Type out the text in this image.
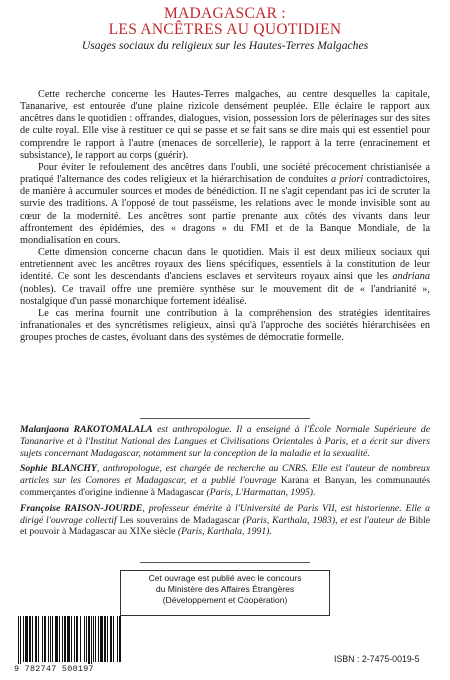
MADAGASCAR :
LES ANCÊTRES AU QUOTIDIEN

Usages sociaux du religieux sur les Hautes-Terres Malgaches

Cette recherche concerne les Hautes-Terres malgaches, au centre desquelles la capitale, Tananarive, est entourée d'une plaine rizicole densément peuplée. Elle éclaire le rapport aux ancêtres dans le quotidien : offrandes, dialogues, vision, possession lors de pèlerinages sur des sites de culte royal. Elle vise à restituer ce qui se passe et se fait sans se dire mais qui est essentiel pour comprendre le rapport à l'autre (menaces de sorcellerie), le rapport à la terre (enracinement et subsistance), le rapport au corps (guérir).

Pour éviter le refoulement des ancêtres dans l'oubli, une société précocement christianisée a pratiqué l'alternance des codes religieux et la hiérarchisation de conduites a priori contradictoires, de manière à accumuler sources et modes de bénédiction. Il ne s'agit cependant pas ici de scruter la survie des traditions. A l'opposé de tout passéisme, les relations avec le monde invisible sont au cœur de la modernité. Les ancêtres sont partie prenante aux côtés des vivants dans leur affrontement des épidémies, des « dragons » du FMI et de la Banque Mondiale, de la mondialisation en cours.

Cette dimension concerne chacun dans le quotidien. Mais il est deux milieux sociaux qui entretiennent avec les ancêtres royaux des liens spécifiques, essentiels à la constitution de leur identité. Ce sont les descendants d'anciens esclaves et serviteurs royaux ainsi que les andriana (nobles). Ce travail offre une première synthèse sur le mouvement dit de « l'andrianité », nostalgique d'un passé monarchique fortement idéalisé.

Le cas merina fournit une contribution à la compréhension des stratégies identitaires infranationales et des syncrétismes religieux, ainsi qu'à l'approche des sociétés hiérarchisées en groupes proches de castes, évoluant dans des systèmes de démocratie formelle.

Malanjaona RAKOTOMALALA est anthropologue. Il a enseigné à l'École Normale Supérieure de Tananarive et à l'Institut National des Langues et Civilisations Orientales à Paris, et a écrit sur divers sujets concernant Madagascar, notamment sur la conception de la maladie et la sexualité.

Sophie BLANCHY, anthropologue, est chargée de recherche au CNRS. Elle est l'auteur de nombreux articles sur les Comores et Madagascar, et a publié l'ouvrage Karana et Banyan, les communautés commerçantes d'origine indienne à Madagascar (Paris, L'Harmattan, 1995).

Françoise RAISON-JOURDE, professeur émérite à l'Université de Paris VII, est historienne. Elle a dirigé l'ouvrage collectif Les souverains de Madagascar (Paris, Karthala, 1983), et est l'auteur de Bible et pouvoir à Madagascar au XIXe siècle (Paris, Karthala, 1991).

Cet ouvrage est publié avec le concours
du Ministère des Affaires Étrangères
(Développement et Coopération)
9 782747 500197
ISBN : 2-7475-0019-5
